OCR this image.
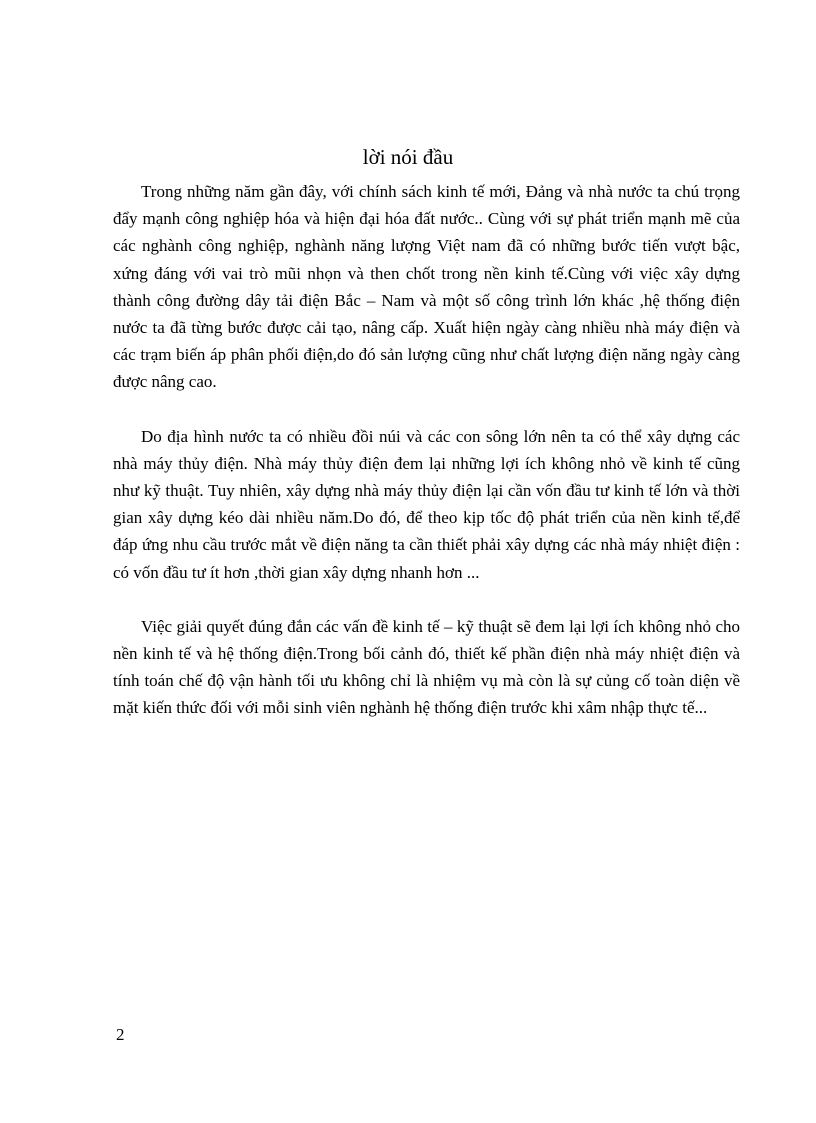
lời nói đầu

Trong những năm gần đây, với chính sách kinh tế mới, Đảng và nhà nước ta chú trọng đẩy mạnh công nghiệp hóa và hiện đại hóa đất nước.. Cùng với sự phát triển mạnh mẽ của các nghành công nghiệp, nghành năng lượng Việt nam đã có những bước tiến vượt bậc, xứng đáng với vai trò mũi nhọn và then chốt trong nền kinh tế.Cùng với việc xây dựng thành công đường dây tải điện Bắc – Nam và một số công trình lớn khác ,hệ thống điện nước ta đã từng bước được cải tạo, nâng cấp. Xuất hiện ngày càng nhiều nhà máy điện và các trạm biến áp phân phối điện,do đó sản lượng cũng như chất lượng điện năng ngày càng được nâng cao.

Do địa hình nước ta có nhiều đồi núi và các con sông lớn nên ta có thể xây dựng các nhà máy thủy điện. Nhà máy thủy điện đem lại những lợi ích không nhỏ về kinh tế cũng như kỹ thuật. Tuy nhiên, xây dựng nhà máy thủy điện lại cần vốn đầu tư kinh tế lớn và thời gian xây dựng kéo dài nhiều năm.Do đó, để theo kịp tốc độ phát triển của nền kinh tế,để đáp ứng nhu cầu trước mắt về điện năng ta cần thiết phải xây dựng các nhà máy nhiệt điện : có vốn đầu tư ít hơn ,thời gian xây dựng nhanh hơn ...

Việc giải quyết đúng đắn các vấn đề kinh tế – kỹ thuật sẽ đem lại lợi ích không nhỏ cho nền kinh tế và hệ thống điện.Trong bối cảnh đó, thiết kế phần điện nhà máy nhiệt điện và tính toán chế độ vận hành tối ưu không chỉ là nhiệm vụ mà còn là sự củng cố toàn diện về mặt kiến thức đối với mỗi sinh viên nghành hệ thống điện trước khi xâm nhập thực tế...

2
